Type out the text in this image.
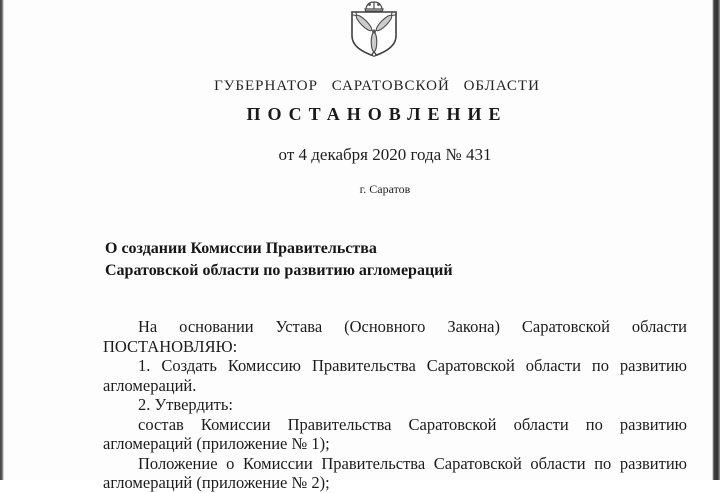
ГУБЕРНАТОР САРАТОВСКОЙ ОБЛАСТИ
ПОСТАНОВЛЕНИЕ
от 4 декабря 2020 года № 431
г. Саратов
О создании Комиссии Правительства
Саратовской области по развитию агломераций
На основании Устава (Основного Закона) Саратовской области
ПОСТАНОВЛЯЮ:
1. Создать Комиссию Правительства Саратовской области по развитию
агломераций.
2. Утвердить:
состав Комиссии Правительства Саратовской области по развитию
агломераций (приложение № 1);
Положение о Комиссии Правительства Саратовской области по развитию
агломераций (приложение № 2);
